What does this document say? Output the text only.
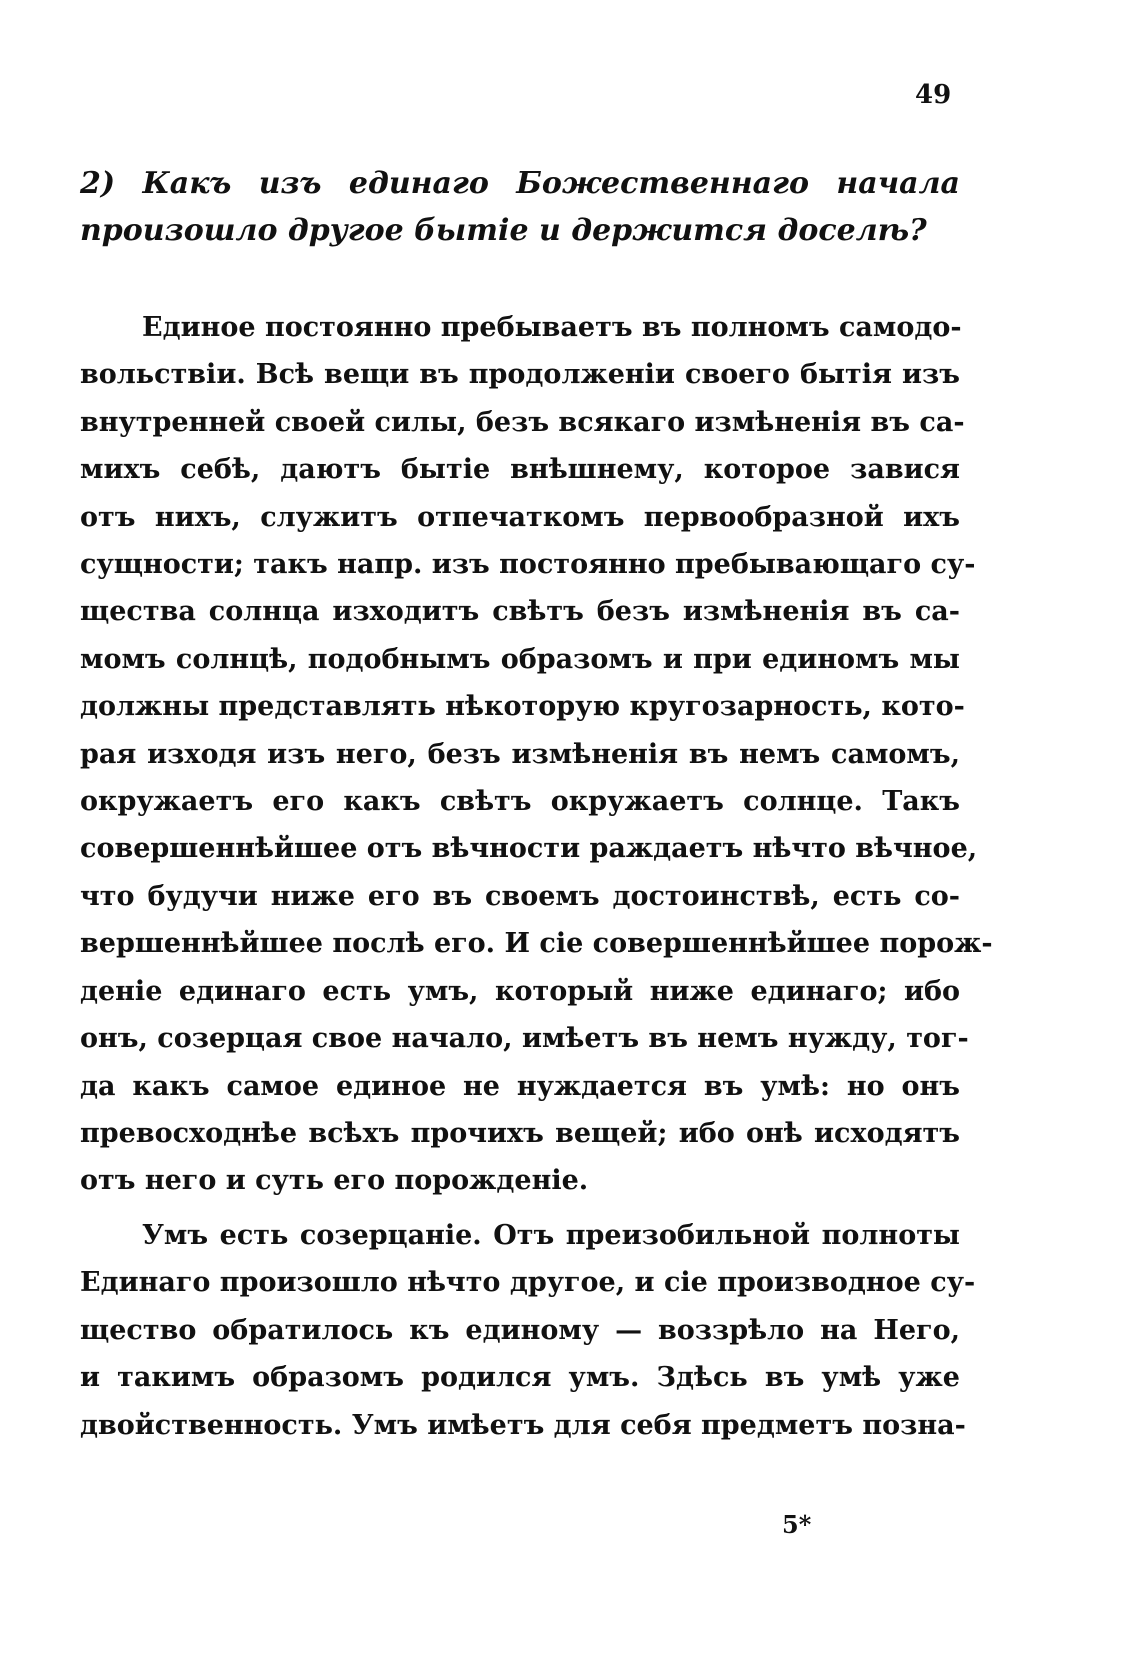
49
2) Какъ изъ единаго Божественнаго начала
произошло другое бытіе и держится доселѣ?
Единое постоянно пребываетъ въ полномъ самодо-
вольствіи. Всѣ вещи въ продолженіи своего бытія изъ
внутренней своей силы, безъ всякаго измѣненія въ са-
михъ себѣ, даютъ бытіе внѣшнему, которое завися
отъ нихъ, служитъ отпечаткомъ первообразной ихъ
сущности; такъ напр. изъ постоянно пребывающаго су-
щества солнца изходитъ свѣтъ безъ измѣненія въ са-
момъ солнцѣ, подобнымъ образомъ и при единомъ мы
должны представлять нѣкоторую кругозарность, кото-
рая изходя изъ него, безъ измѣненія въ немъ самомъ,
окружаетъ его какъ свѣтъ окружаетъ солнце. Такъ
совершеннѣйшее отъ вѣчности раждаетъ нѣчто вѣчное,
что будучи ниже его въ своемъ достоинствѣ, есть со-
вершеннѣйшее послѣ его. И сіе совершеннѣйшее порож-
деніе единаго есть умъ, который ниже единаго; ибо
онъ, созерцая свое начало, имѣетъ въ немъ нужду, тог-
да какъ самое единое не нуждается въ умѣ: но онъ
превосходнѣе всѣхъ прочихъ вещей; ибо онѣ исходятъ
отъ него и суть его порожденіе.
Умъ есть созерцаніе. Отъ преизобильной полноты
Единаго произошло нѣчто другое, и сіе производное су-
щество обратилось къ единому — воззрѣло на Него,
и такимъ образомъ родился умъ. Здѣсь въ умѣ уже
двойственность. Умъ имѣетъ для себя предметъ позна-
5*
